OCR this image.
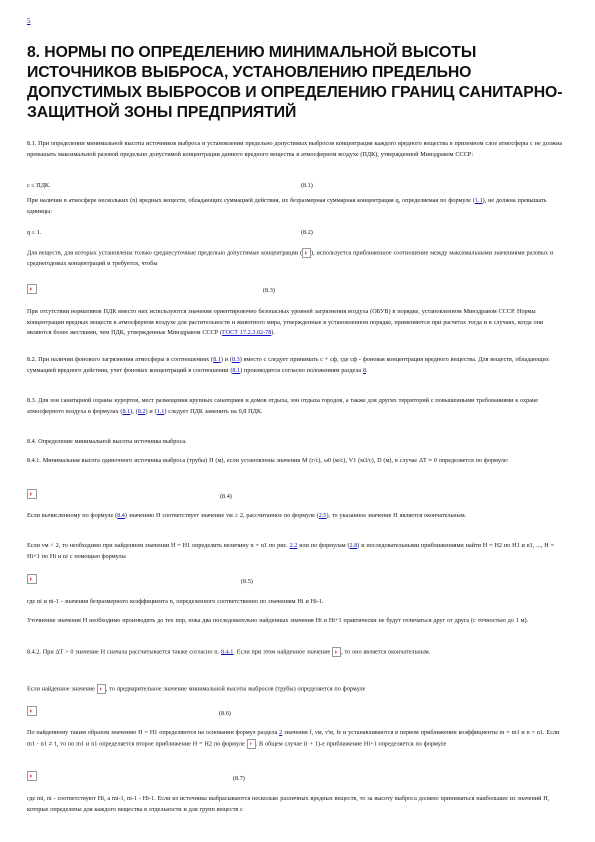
5
8. НОРМЫ ПО ОПРЕДЕЛЕНИЮ МИНИМАЛЬНОЙ ВЫСОТЫ ИСТОЧНИКОВ ВЫБРОСА, УСТАНОВЛЕНИЮ ПРЕДЕЛЬНО ДОПУСТИМЫХ ВЫБРОСОВ И ОПРЕДЕЛЕНИЮ ГРАНИЦ САНИТАРНО-ЗАЩИТНОЙ ЗОНЫ ПРЕДПРИЯТИЙ

8.1. При определении минимальной высоты источников выброса и установлении предельно допустимых выбросов концентрация каждого вредного вещества в приземном слое атмосферы с не должна превышать максимальной разовой предельно допустимой концентрации данного вредного вещества в атмосферном воздухе (ПДК), утвержденной Минздравом СССР:

c ≤ ПДК.	(8.1)

При наличии в атмосфере нескольких (n) вредных веществ, обладающих суммацией действия, их безразмерная суммарная концентрация q, определяемая по формуле (1.1), не должна превышать единицы:

q ≤ 1.	(8.2)

Для веществ, для которых установлены только среднесуточные предельно допустимые концентрации ( ), используется приближенное соотношение между максимальными значениями разовых и среднегодовых концентраций и требуется, чтобы

(8.3)

При отсутствии нормативов ПДК вместо них используются значения ориентировочно безопасных уровней загрязнения воздуха (ОБУВ) в порядке, установленном Минздравом СССР. Нормы концентрации вредных веществ в атмосферном воздухе для растительности и животного мира, утвержденные в установленном порядке, применяются при расчетах тогда и в случаях, когда они являются более жесткими, чем ПДК, утвержденные Минздравом СССР (ГОСТ 17.2.3.02-78).

8.2. При наличии фонового загрязнения атмосферы в соотношениях (8.1) и (8.3) вместо с следует принимать c + cф, где cф - фоновая концентрация вредного вещества. Для веществ, обладающих суммацией вредного действия, учет фоновых концентраций в соотношении (8.1) производится согласно положениям раздела 8.

8.3. Для зон санитарной охраны курортов, мест размещения крупных санаториев и домов отдыха, зон отдыха городов, а также для других территорий с повышенными требованиями к охране атмосферного воздуха в формулах (8.1), (8.2) и (1.1) следует ПДК заменить на 0,8 ПДК.

8.4. Определение минимальной высоты источника выброса.

8.4.1. Минимальная высота одиночного источника выброса (трубы) H (м), если установлены значения M (г/с), ω0 (м/с), V1 (м3/с), D (м), в случае ΔT ≈ 0 определяется по формуле:

(8.4)

Если вычисленному по формуле (8.4) значению H соответствует значение νм ≥ 2, рассчитанное по формуле (2.5), то указанное значение H является окончательным.

Если νм < 2, то необходимо при найденном значении H = H1 определить величину n = n1 по рис. 2.2 или по формулам (2.8) и последовательными приближениями найти H = H2 по H1 и n1, ..., H = Hi+1 по Hi и ni с помощью формулы

(8.5)

где ni и ni-1 - значения безразмерного коэффициента n, определенного соответственно по значениям Hi и Hi-1.

Уточнение значения H необходимо производить до тех пор, пока два последовательно найденных значения Hi и Hi+1 практически не будут отличаться друг от друга (с точностью до 1 м).

8.4.2. При ΔT > 0 значение H сначала рассчитывается также согласно п. 8.4.1. Если при этом найденное значение , то оно является окончательным.

Если найденное значение , то предварительное значение минимальной высоты выбросов (трубы) определяется по формуле

(8.6)

По найденному таким образом значению H = H1 определяются на основании формул раздела 2 значения f, νм, ν'м, fе и устанавливаются в первом приближении коэффициенты m = m1 и n = n1. Если m1 · n1 ≠ 1, то по m1 и n1 определяется второе приближение H = H2 по формуле . В общем случае (i + 1)-е приближение Hi+1 определяется по формуле

(8.7)

где mi, ni - соответствуют Hi, а mi-1, ni-1 - Hi-1. Если из источника выбрасываются несколько различных вредных веществ, то за высоту выброса должно приниматься наибольшее из значений H, которые определены для каждого вещества в отдельности и для групп веществ с
